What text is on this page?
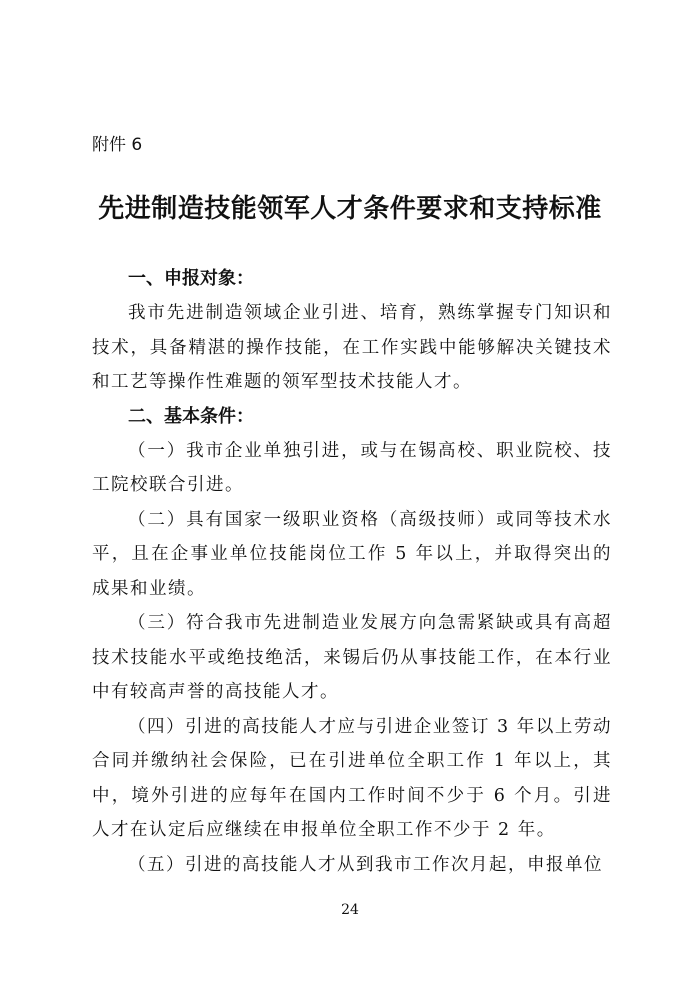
附件 6
先进制造技能领军人才条件要求和支持标准
一、申报对象：
我市先进制造领域企业引进、培育，熟练掌握专门知识和技术，具备精湛的操作技能，在工作实践中能够解决关键技术和工艺等操作性难题的领军型技术技能人才。
二、基本条件：
（一）我市企业单独引进，或与在锡高校、职业院校、技工院校联合引进。
（二）具有国家一级职业资格（高级技师）或同等技术水平，且在企事业单位技能岗位工作 5 年以上，并取得突出的成果和业绩。
（三）符合我市先进制造业发展方向急需紧缺或具有高超技术技能水平或绝技绝活，来锡后仍从事技能工作，在本行业中有较高声誉的高技能人才。
（四）引进的高技能人才应与引进企业签订 3 年以上劳动合同并缴纳社会保险，已在引进单位全职工作 1 年以上，其中，境外引进的应每年在国内工作时间不少于 6 个月。引进人才在认定后应继续在申报单位全职工作不少于 2 年。
（五）引进的高技能人才从到我市工作次月起，申报单位
24
